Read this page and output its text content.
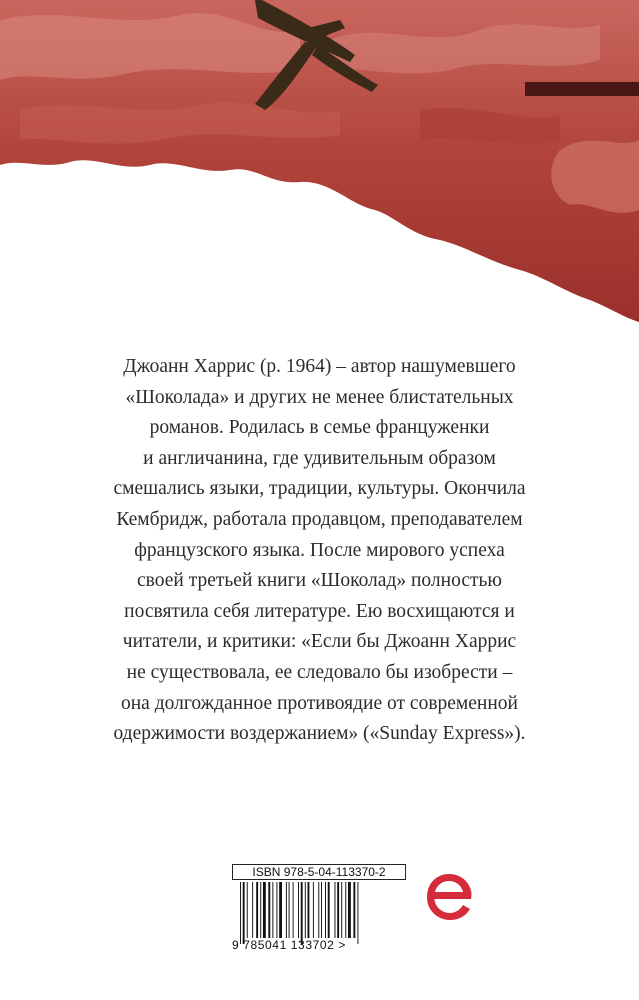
Джоанн Харрис (р. 1964) – автор нашумевшего
«Шоколада» и других не менее блистательных
романов. Родилась в семье француженки
и англичанина, где удивительным образом
смешались языки, традиции, культуры. Окончила
Кембридж, работала продавцом, преподавателем
французского языка. После мирового успеха
своей третьей книги «Шоколад» полностью
посвятила себя литературе. Ею восхищаются и
читатели, и критики: «Если бы Джоанн Харрис
не существовала, ее следовало бы изобрести –
она долгожданное противоядие от современной
одержимости воздержанием» («Sunday Express»).
ISBN 978-5-04-113370-2
9 785041 133702 >
